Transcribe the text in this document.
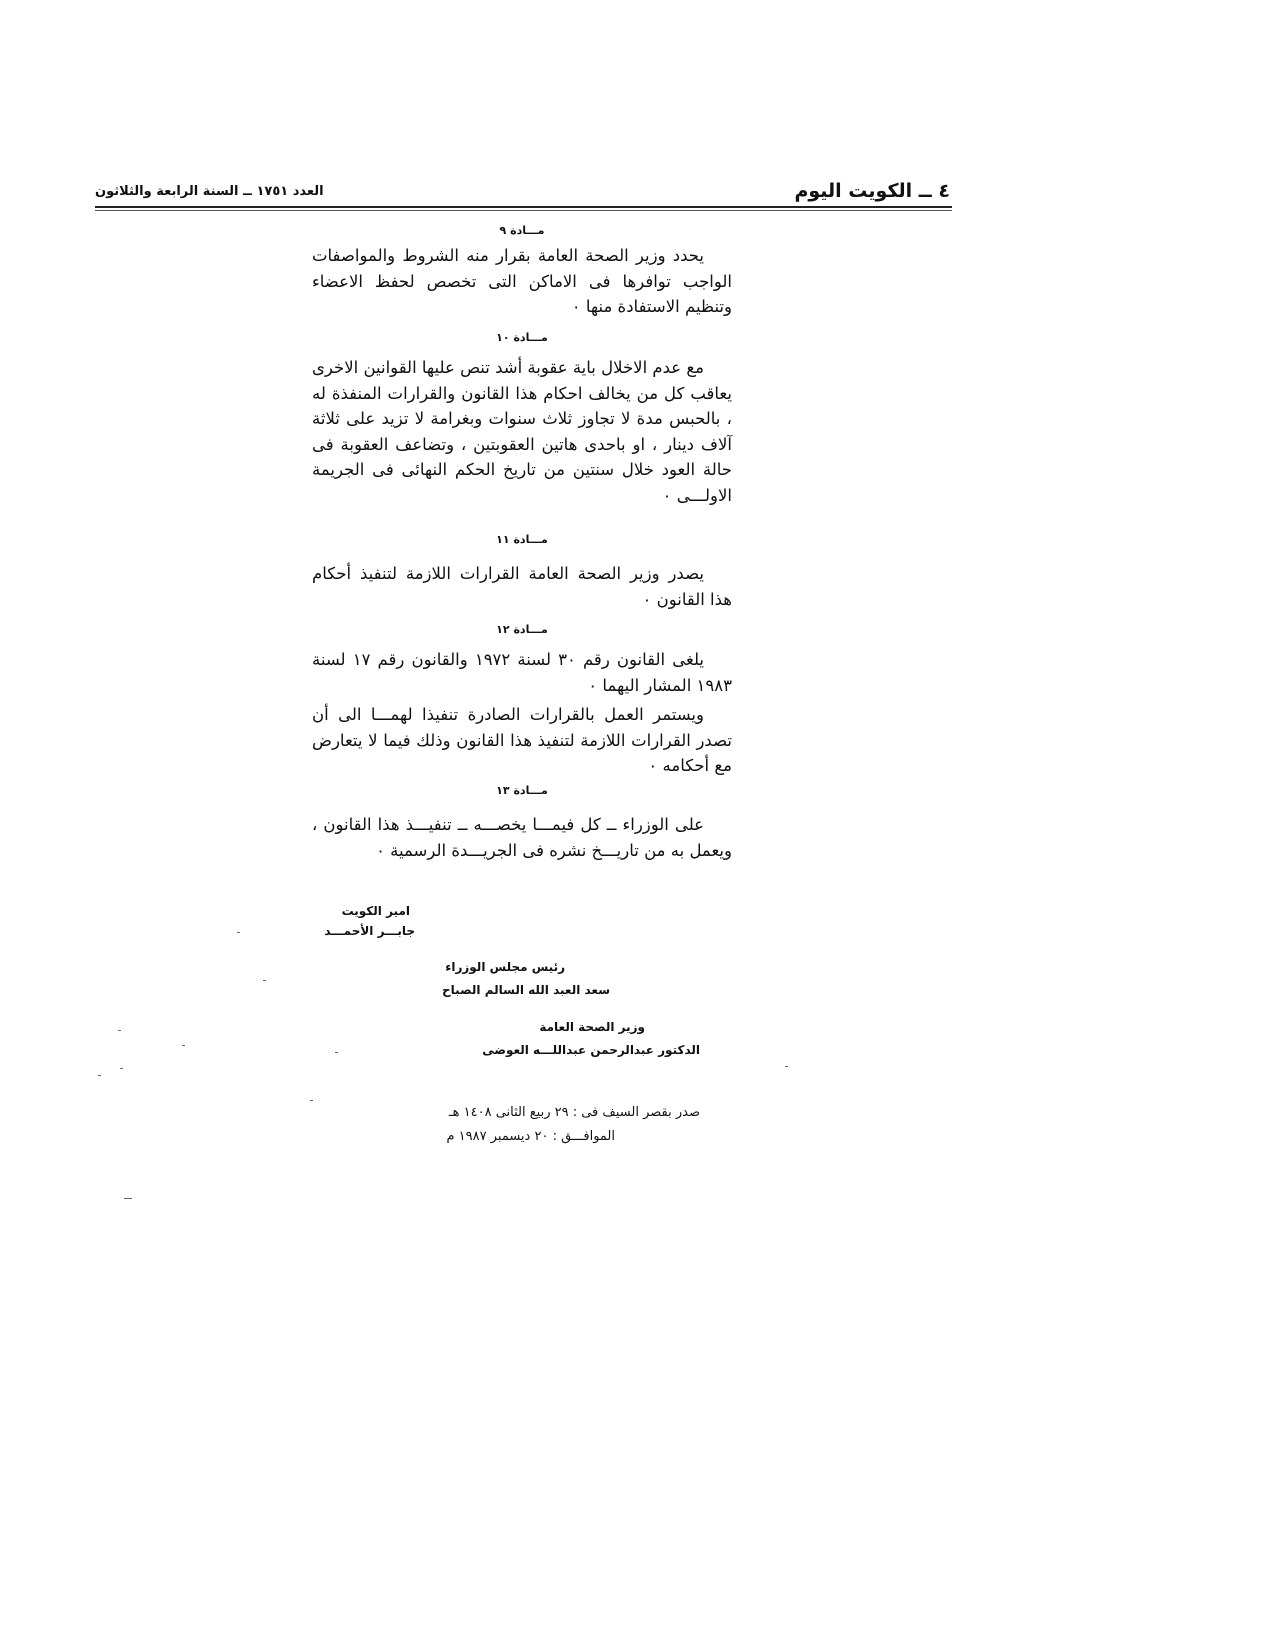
٤ ــ الكويت اليوم
العدد ١٧٥١ ــ السنة الرابعة والثلاثون
مـــادة ٩
يحدد وزير الصحة العامة بقرار منه الشروط والمواصفات الواجب توافرها فى الاماكن التى تخصص لحفظ الاعضاء وتنظيم الاستفادة منها ٠
مـــادة ١٠
مع عدم الاخلال باية عقوبة أشد تنص عليها القوانين الاخرى يعاقب كل من يخالف احكام هذا القانون والقرارات المنفذة له ، بالحبس مدة لا تجاوز ثلاث سنوات وبغرامة لا تزيد على ثلاثة آلاف دينار ، او باحدى هاتين العقوبتين ، وتضاعف العقوبة فى حالة العود خلال سنتين من تاريخ الحكم النهائى فى الجريمة الاولـــى ٠
مـــادة ١١
يصدر وزير الصحة العامة القرارات اللازمة لتنفيذ أحكام هذا القانون ٠
مـــادة ١٢
يلغى القانون رقم ٣٠ لسنة ١٩٧٢ والقانون رقم ١٧ لسنة ١٩٨٣ المشار اليهما ٠
ويستمر العمل بالقرارات الصادرة تنفيذا لهمـــا الى أن تصدر القرارات اللازمة لتنفيذ هذا القانون وذلك فيما لا يتعارض مع أحكامه ٠
مـــادة ١٣
على الوزراء ــ كل فيمـــا يخصـــه ــ تنفيـــذ هذا القانون ، ويعمل به من تاريـــخ نشره فى الجريـــدة الرسمية ٠
امير الكويت
جابـــر الأحمـــد
رئيس مجلس الوزراء
سعد العبد الله السالم الصباح
وزير الصحة العامة
الدكتور عبدالرحمن عبداللـــه العوضى
صدر بقصر السيف فى : ٢٩ ربيع الثانى ١٤٠٨ هـ
الموافـــق : ٢٠ ديسمبر ١٩٨٧ م
